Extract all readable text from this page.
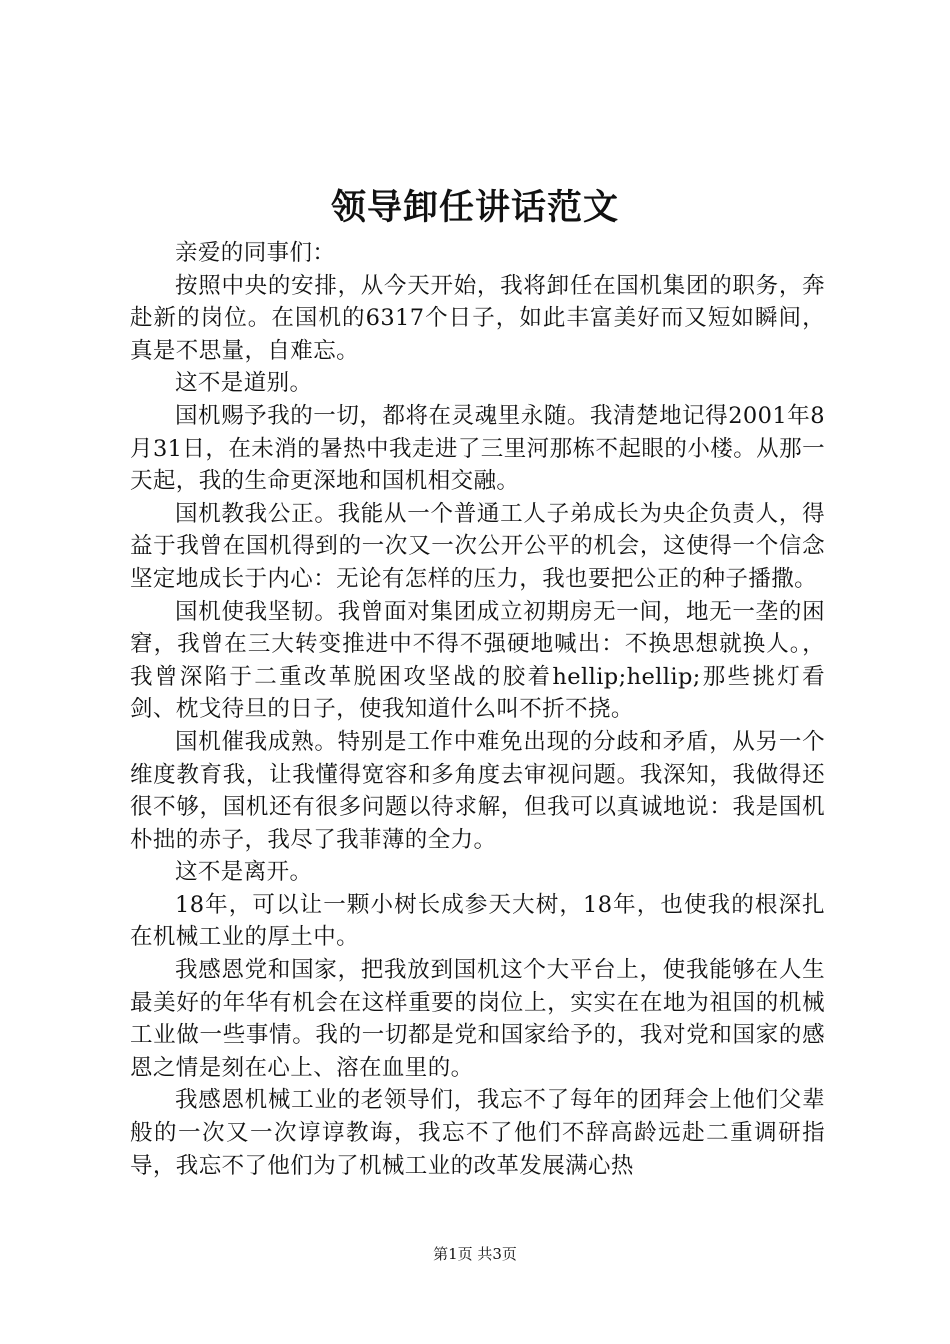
领导卸任讲话范文

亲爱的同事们：

按照中央的安排，从今天开始，我将卸任在国机集团的职务，奔赴新的岗位。在国机的6317个日子，如此丰富美好而又短如瞬间，真是不思量，自难忘。

这不是道别。

国机赐予我的一切，都将在灵魂里永随。我清楚地记得2001年8月31日，在未消的暑热中我走进了三里河那栋不起眼的小楼。从那一天起，我的生命更深地和国机相交融。

国机教我公正。我能从一个普通工人子弟成长为央企负责人，得益于我曾在国机得到的一次又一次公开公平的机会，这使得一个信念坚定地成长于内心：无论有怎样的压力，我也要把公正的种子播撒。

国机使我坚韧。我曾面对集团成立初期房无一间，地无一垄的困窘，我曾在三大转变推进中不得不强硬地喊出：不换思想就换人。，我曾深陷于二重改革脱困攻坚战的胶着hellip;hellip;那些挑灯看剑、枕戈待旦的日子，使我知道什么叫不折不挠。

国机催我成熟。特别是工作中难免出现的分歧和矛盾，从另一个维度教育我，让我懂得宽容和多角度去审视问题。我深知，我做得还很不够，国机还有很多问题以待求解，但我可以真诚地说：我是国机朴拙的赤子，我尽了我菲薄的全力。

这不是离开。

18年，可以让一颗小树长成参天大树，18年，也使我的根深扎在机械工业的厚土中。

我感恩党和国家，把我放到国机这个大平台上，使我能够在人生最美好的年华有机会在这样重要的岗位上，实实在在地为祖国的机械工业做一些事情。我的一切都是党和国家给予的，我对党和国家的感恩之情是刻在心上、溶在血里的。

我感恩机械工业的老领导们，我忘不了每年的团拜会上他们父辈般的一次又一次谆谆教诲，我忘不了他们不辞高龄远赴二重调研指导，我忘不了他们为了机械工业的改革发展满心热

第1页 共3页
